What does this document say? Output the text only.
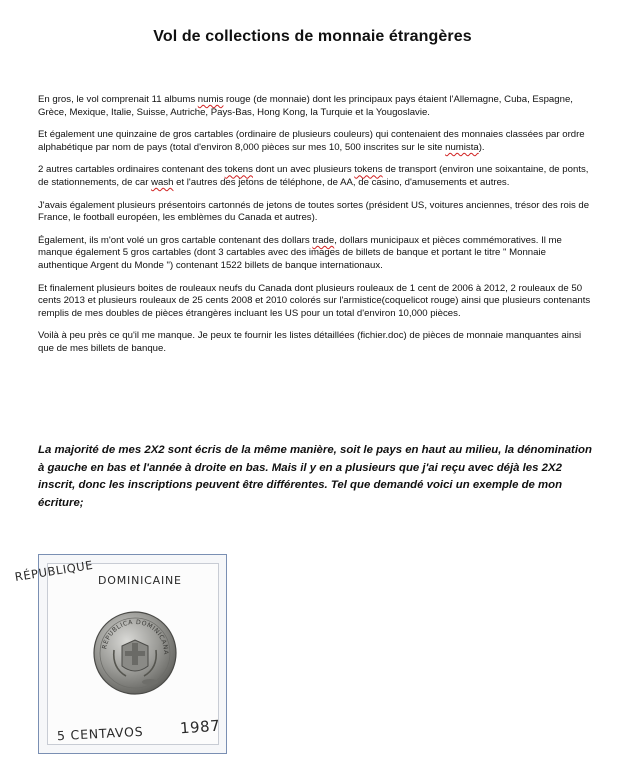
Vol de collections de monnaie étrangères

En gros, le vol comprenait 11 albums numis rouge (de monnaie) dont les principaux pays étaient l'Allemagne, Cuba, Espagne, Grèce, Mexique, Italie, Suisse, Autriche, Pays-Bas, Hong Kong, la Turquie et la Yougoslavie.

Et également une quinzaine de gros cartables (ordinaire de plusieurs couleurs) qui contenaient des monnaies classées par ordre alphabétique par nom de pays (total d'environ 8,000 pièces sur mes 10, 500 inscrites sur le site numista).

2 autres cartables ordinaires contenant des tokens dont un avec plusieurs tokens de transport (environ une soixantaine, de ponts, de stationnements, de car wash et l'autres des jetons de téléphone, de AA, de casino, d'amusements et autres.

J'avais également plusieurs présentoirs cartonnés de jetons de toutes sortes (président US, voitures anciennes, trésor des rois de France, le football européen, les emblèmes du Canada et autres).

Également, ils m'ont volé un gros cartable contenant des dollars trade, dollars municipaux et pièces commémoratives. Il me manque également 5 gros cartables (dont 3 cartables avec des images de billets de banque et portant le titre " Monnaie authentique Argent du Monde ") contenant 1522 billets de banque internationaux.

Et finalement plusieurs boites de rouleaux neufs du Canada dont plusieurs rouleaux de 1 cent de 2006 à 2012, 2 rouleaux de 50 cents 2013 et plusieurs rouleaux de 25 cents 2008 et 2010 colorés sur l'armistice(coquelicot rouge) ainsi que plusieurs contenants remplis de mes doubles de pièces étrangères incluant les US pour un total d'environ 10,000 pièces.

Voilà à peu près ce qu'il me manque. Je peux te fournir les listes détaillées (fichier.doc) de pièces de monnaie manquantes ainsi que de mes billets de banque.

La majorité de mes 2X2 sont écris de la même manière, soit le pays en haut au milieu, la dénomination à gauche en bas et l'année à droite en bas. Mais il y en a plusieurs que j'ai reçu avec déjà les 2X2 inscrit, donc les inscriptions peuvent être différentes. Tel que demandé voici un exemple de mon écriture;
RÉPUBLIQUE DOMINICAINE
REPUBLICA DOMINICANA
5 CENTAVOS 1987
